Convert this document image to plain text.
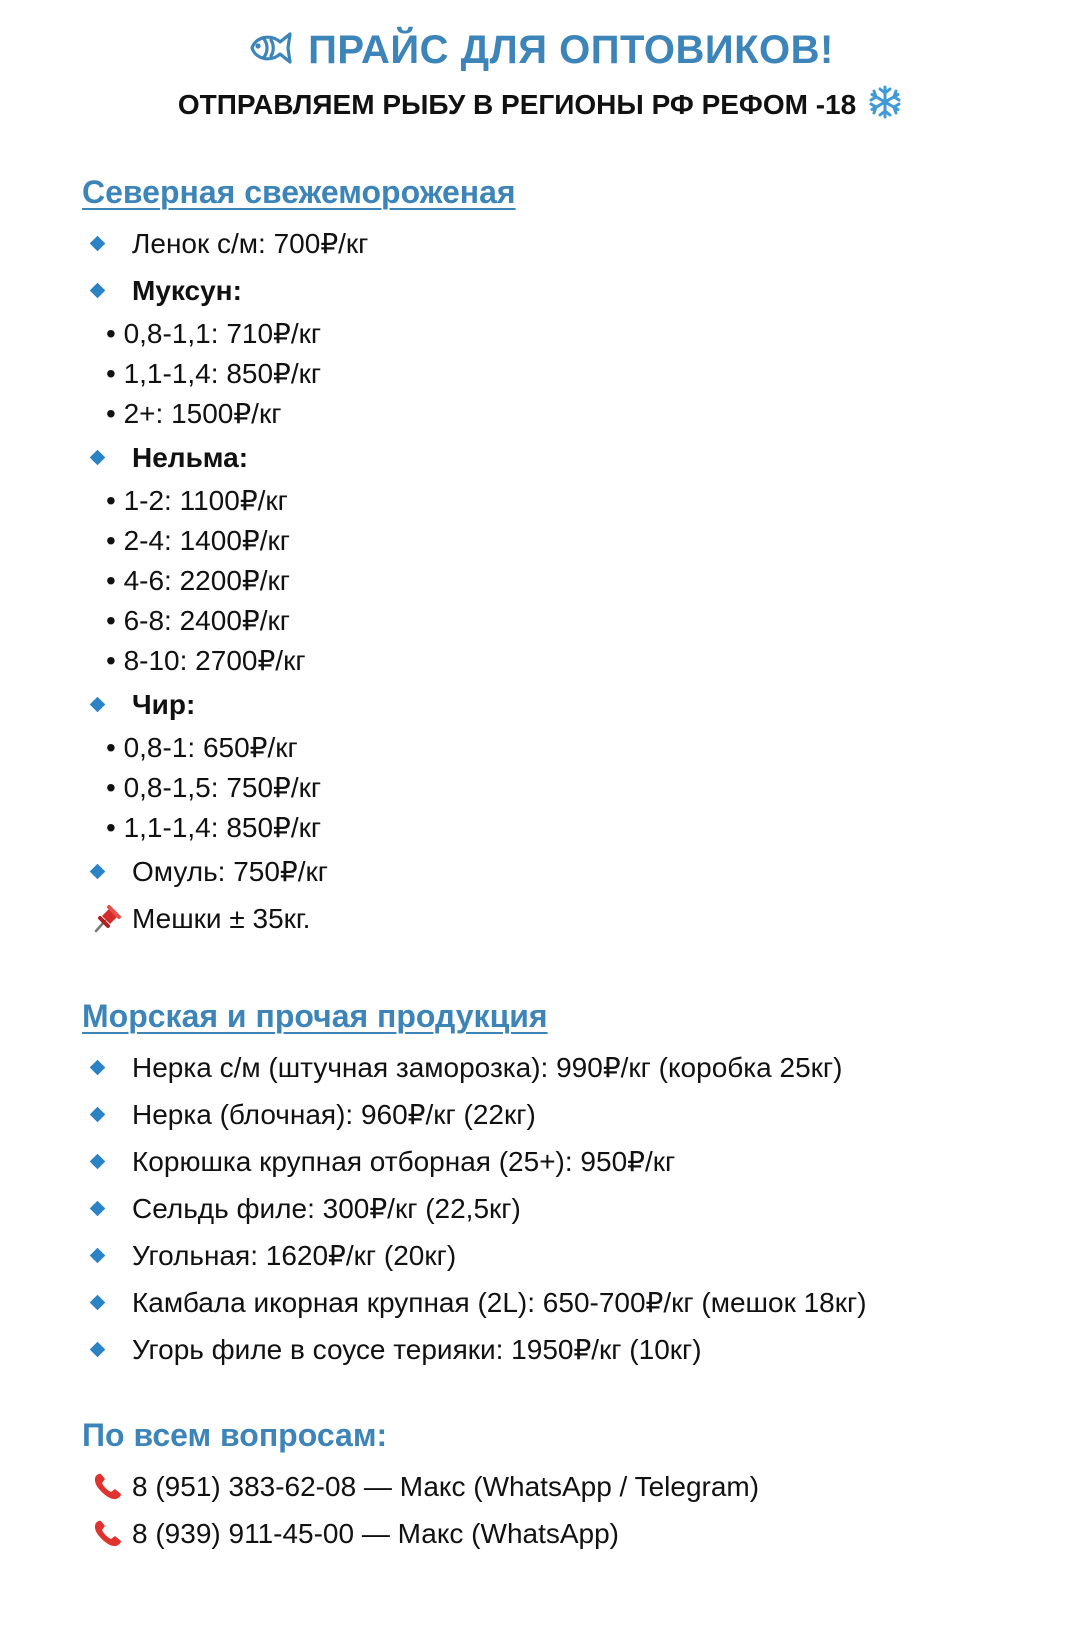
ПРАЙС ДЛЯ ОПТОВИКОВ!

ОТПРАВЛЯЕМ РЫБУ В РЕГИОНЫ РФ РЕФОМ -18
Северная свежемороженая
Ленок с/м: 700₽/кг
Муксун:
• 0,8-1,1: 710₽/кг
• 1,1-1,4: 850₽/кг
• 2+: 1500₽/кг
Нельма:
• 1-2: 1100₽/кг
• 2-4: 1400₽/кг
• 4-6: 2200₽/кг
• 6-8: 2400₽/кг
• 8-10: 2700₽/кг
Чир:
• 0,8-1: 650₽/кг
• 0,8-1,5: 750₽/кг
• 1,1-1,4: 850₽/кг
Омуль: 750₽/кг
Мешки ± 35кг.
Морская и прочая продукция
Нерка с/м (штучная заморозка): 990₽/кг (коробка 25кг)
Нерка (блочная): 960₽/кг (22кг)
Корюшка крупная отборная (25+): 950₽/кг
Сельдь филе: 300₽/кг (22,5кг)
Угольная: 1620₽/кг (20кг)
Камбала икорная крупная (2L): 650-700₽/кг (мешок 18кг)
Угорь филе в соусе терияки: 1950₽/кг (10кг)
По всем вопросам:
8 (951) 383-62-08 — Макс (WhatsApp / Telegram)
8 (939) 911-45-00 — Макс (WhatsApp)
